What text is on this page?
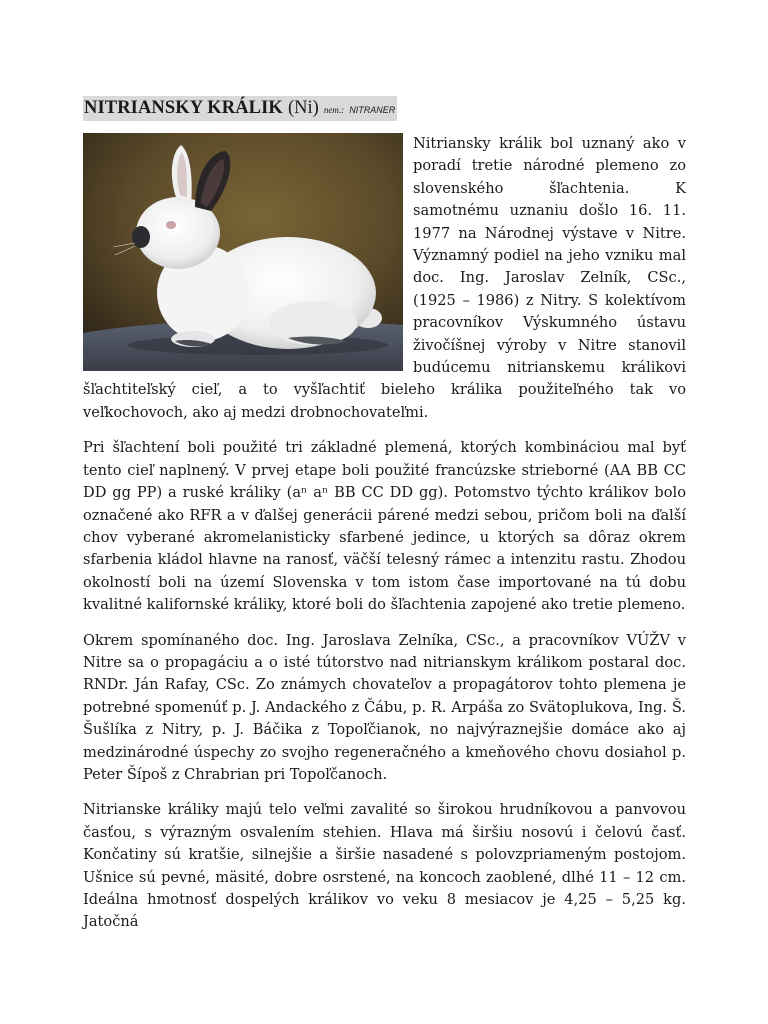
NITRIANSKY KRÁLIK (Ni) nem.: NITRANER

Nitriansky králik bol uznaný ako v poradí tretie národné plemeno zo slovenského šľachtenia. K samotnému uznaniu došlo 16. 11. 1977 na Národnej výstave v Nitre. Významný podiel na jeho vzniku mal doc. Ing. Jaroslav Zelník, CSc., (1925 – 1986) z Nitry. S kolektívom pracovníkov Výskumného ústavu živočíšnej výroby v Nitre stanovil budúcemu nitrianskemu králikovi šľachtiteľský cieľ, a to vyšľachtiť bieleho králika použiteľného tak vo veľkochovoch, ako aj medzi drobnochovateľmi.

Pri šľachtení boli použité tri základné plemená, ktorých kombináciou mal byť tento cieľ naplnený. V prvej etape boli použité francúzske strieborné (AA BB CC DD gg PP) a ruské králiky (aⁿ aⁿ BB CC DD gg). Potomstvo týchto králikov bolo označené ako RFR a v ďalšej generácii párené medzi sebou, pričom boli na ďalší chov vyberané akromelanisticky sfarbené jedince, u ktorých sa dôraz okrem sfarbenia kládol hlavne na ranosť, väčší telesný rámec a intenzitu rastu. Zhodou okolností boli na území Slovenska v tom istom čase importované na tú dobu kvalitné kalifornské králiky, ktoré boli do šľachtenia zapojené ako tretie plemeno.

Okrem spomínaného doc. Ing. Jaroslava Zelníka, CSc., a pracovníkov VÚŽV v Nitre sa o propagáciu a o isté tútorstvo nad nitrianskym králikom postaral doc. RNDr. Ján Rafay, CSc. Zo známych chovateľov a propagátorov tohto plemena je potrebné spomenúť p. J. Andackého z Čábu, p. R. Arpáša zo Svätoplukova, Ing. Š. Šušlíka z Nitry, p. J. Báčika z Topoľčianok, no najvýraznejšie domáce ako aj medzinárodné úspechy zo svojho regeneračného a kmeňového chovu dosiahol p. Peter Šípoš z Chrabrian pri Topoľčanoch.

Nitrianske králiky majú telo veľmi zavalité so širokou hrudníkovou a panvovou časťou, s výrazným osvalením stehien. Hlava má širšiu nosovú i čelovú časť. Končatiny sú kratšie, silnejšie a širšie nasadené s polovzpriameným postojom. Ušnice sú pevné, mäsité, dobre osrstené, na koncoch zaoblené, dlhé 11 – 12 cm. Ideálna hmotnosť dospelých králikov vo veku 8 mesiacov je 4,25 – 5,25 kg. Jatočná
